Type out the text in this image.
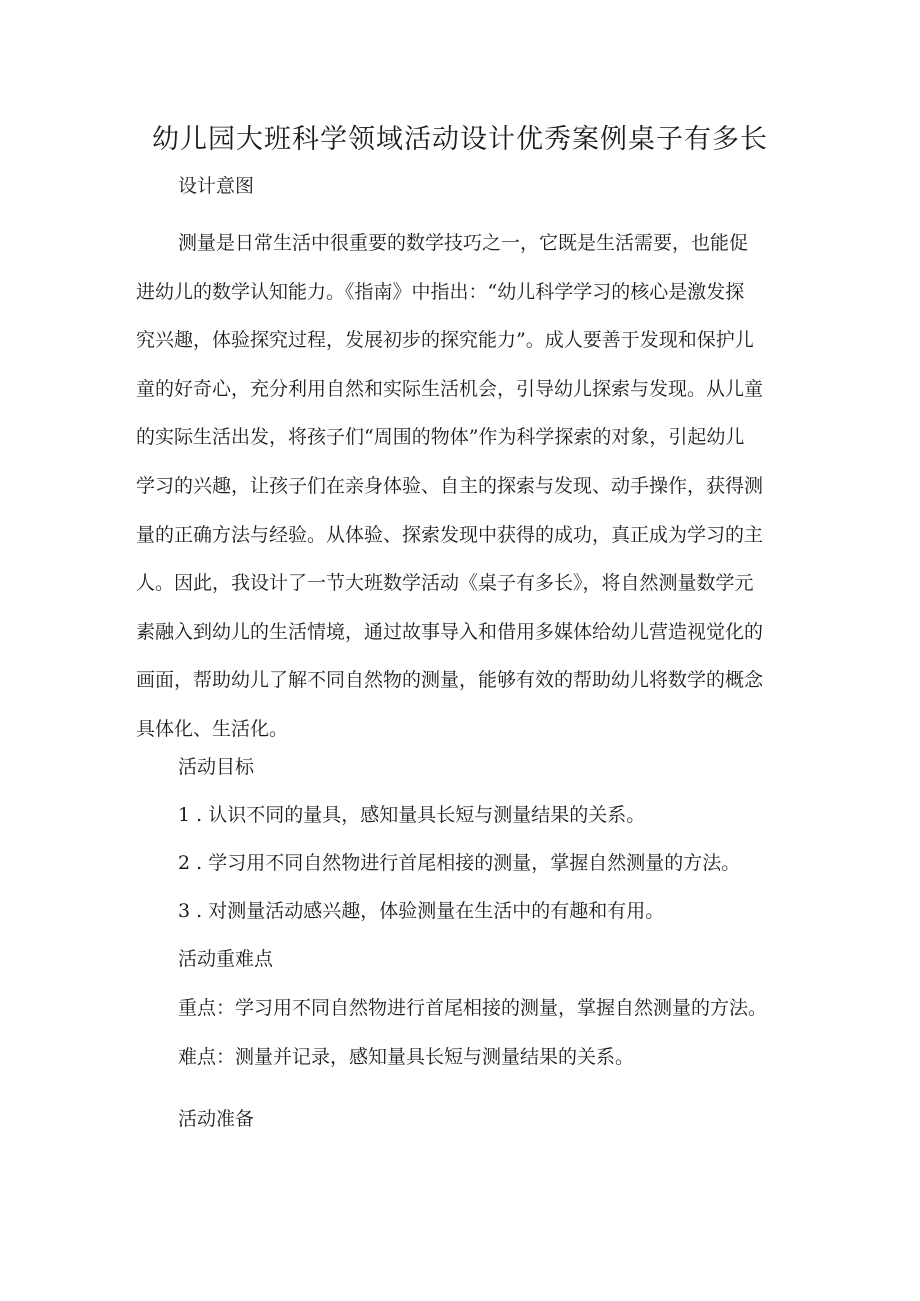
幼儿园大班科学领域活动设计优秀案例桌子有多长
设计意图
测量是日常生活中很重要的数学技巧之一，它既是生活需要，也能促
进幼儿的数学认知能力。《指南》中指出：“幼儿科学学习的核心是激发探
究兴趣，体验探究过程，发展初步的探究能力”。成人要善于发现和保护儿
童的好奇心，充分利用自然和实际生活机会，引导幼儿探索与发现。从儿童
的实际生活出发，将孩子们“周围的物体”作为科学探索的对象，引起幼儿
学习的兴趣，让孩子们在亲身体验、自主的探索与发现、动手操作，获得测
量的正确方法与经验。从体验、探索发现中获得的成功，真正成为学习的主
人。因此，我设计了一节大班数学活动《桌子有多长》，将自然测量数学元
素融入到幼儿的生活情境，通过故事导入和借用多媒体给幼儿营造视觉化的
画面，帮助幼儿了解不同自然物的测量，能够有效的帮助幼儿将数学的概念
具体化、生活化。
活动目标
1 . 认识不同的量具，感知量具长短与测量结果的关系。
2 . 学习用不同自然物进行首尾相接的测量，掌握自然测量的方法。
3 . 对测量活动感兴趣，体验测量在生活中的有趣和有用。
活动重难点
重点：学习用不同自然物进行首尾相接的测量，掌握自然测量的方法。
难点：测量并记录，感知量具长短与测量结果的关系。
活动准备
